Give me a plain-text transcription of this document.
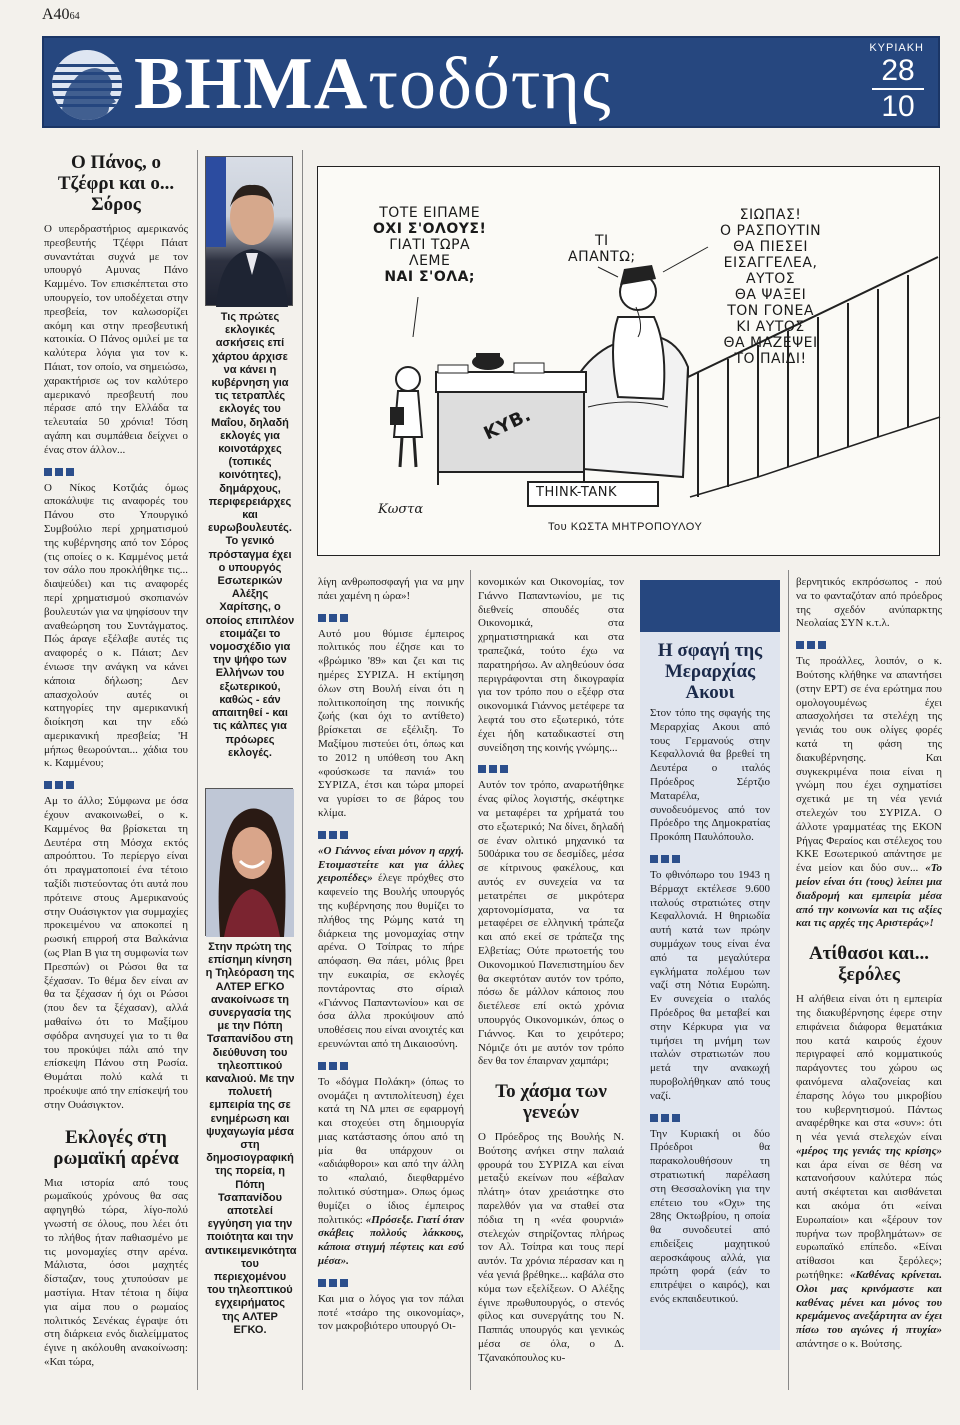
A4064
ΒΗΜΑτοδότης	ΚΥΡΙΑΚΗ
28
10
Ο Πάνος, ο Τζέφρι και ο... Σόρος

Ο υπερδραστήριος αμερικανός πρεσβευτής Τζέφρι Πάιατ συναντάται συχνά με τον υπουργό Αμυνας Πάνο Καμμένο. Τον επισκέπτεται στο υπουργείο, τον υποδέχεται στην πρεσβεία, τον καλωσορίζει ακόμη και στην πρεσβευτική κατοικία. Ο Πάνος ομιλεί με τα καλύτερα λόγια για τον κ. Πάιατ, τον οποίο, να σημειώσω, χαρακτήρισε ως τον καλύτερο αμερικανό πρεσβευτή που πέρασε από την Ελλάδα τα τελευταία 50 χρόνια! Τόση αγάπη και συμπάθεια δείχνει ο ένας στον άλλον...

Ο Νίκος Κοτζιάς όμως αποκάλυψε τις αναφορές του Πάνου στο Υπουργικό Συμβούλιο περί χρηματισμού της κυβέρνησης από τον Σόρος (τις οποίες ο κ. Καμμένος μετά τον σάλο που προκλήθηκε τις... διαψεύδει) και τις αναφορές περί χρηματισμού σκοπιανών βουλευτών για να ψηφίσουν την αναθεώρηση του Συντάγματος. Πώς άραγε εξέλαβε αυτές τις αναφορές ο κ. Πάιατ; Δεν ένιωσε την ανάγκη να κάνει κάποια δήλωση; Δεν απασχολούν αυτές οι κατηγορίες την αμερικανική διοίκηση και την εδώ αμερικανική πρεσβεία; 'Η μήπως θεωρούνται... χάδια του κ. Καμμένου;

Αμ το άλλο; Σύμφωνα με όσα έχουν ανακοινωθεί, ο κ. Καμμένος θα βρίσκεται τη Δευτέρα στη Μόσχα εκτός απροόπτου. Το περίεργο είναι ότι πραγματοποιεί ένα τέτοιο ταξίδι πιστεύοντας ότι αυτά που πρότεινε στους Αμερικανούς στην Ουάσιγκτον για συμμαχίες προκειμένου να αποκοπεί η ρωσική επιρροή στα Βαλκάνια (ως Plan B για τη συμφωνία των Πρεσπών) οι Ρώσοι θα τα ξέχασαν. Το θέμα δεν είναι αν θα τα ξέχασαν ή όχι οι Ρώσοι (που δεν τα ξέχασαν), αλλά μαθαίνω ότι το Μαξίμου σφόδρα ανησυχεί για το τι θα του προκύψει πάλι από την επίσκεψη Πάνου στη Ρωσία. Θυμάται πολύ καλά τι προέκυψε από την επίσκεψή του στην Ουάσιγκτον.

Εκλογές στη ρωμαϊκή αρένα

Μια ιστορία από τους ρωμαϊκούς χρόνους θα σας αφηγηθώ τώρα, λίγο-πολύ γνωστή σε όλους, που λέει ότι το πλήθος ήταν παθιασμένο με τις μονομαχίες στην αρένα. Μάλιστα, όσοι μαχητές δίσταζαν, τους χτυπούσαν με μαστίγια. Ηταν τέτοια η δίψα για αίμα που ο ρωμαίος πολιτικός Σενέκας έγραψε ότι στη διάρκεια ενός διαλείμματος έγινε η ακόλουθη ανακοίνωση: «Και τώρα,

Τις πρώτες εκλογικές ασκήσεις επί χάρτου άρχισε να κάνει η κυβέρνηση για τις τετραπλές εκλογές του Μαΐου, δηλαδή εκλογές για κοινοτάρχες (τοπικές κοινότητες), δημάρχους, περιφερειάρχες και ευρωβουλευτές. Το γενικό πρόσταγμα έχει ο υπουργός Εσωτερικών Αλέξης Χαρίτσης, ο οποίος επιπλέον ετοιμάζει το νομοσχέδιο για την ψήφο των Ελλήνων του εξωτερικού, καθώς - εάν απαιτηθεί - και τις κάλπες για πρόωρες εκλογές.
Στην πρώτη της επίσημη κίνηση η Τηλεόραση της ΑΛΤΕΡ ΕΓΚΟ ανακοίνωσε τη συνεργασία της με την Πόπη Τσαπανίδου στη διεύθυνση του τηλεοπτικού καναλιού. Με την πολυετή εμπειρία της σε ενημέρωση και ψυχαγωγία μέσα στη δημοσιογραφική της πορεία, η Πόπη Τσαπανίδου αποτελεί εγγύηση για την ποιότητα και την αντικειμενικότητα του περιεχομένου του τηλεοπτικού εγχειρήματος της ΑΛΤΕΡ ΕΓΚΟ.
ΤΟΤΕ ΕΙΠΑΜΕ
ΟΧΙ Σ'ΟΛΟΥΣ!
ΓΙΑΤΙ ΤΩΡΑ
ΛΕΜΕ
ΝΑΙ Σ'ΟΛΑ;
ΤΙ
ΑΠΑΝΤΩ;
ΣΙΩΠΑΣ!
Ο ΡΑΣΠΟΥΤΙΝ
ΘΑ ΠΙΕΣΕΙ
ΕΙΣΑΓΓΕΛΕΑ,
ΑΥΤΟΣ
ΘΑ ΨΑΞΕΙ
ΤΟΝ ΓΟΝΕΑ
ΚΙ ΑΥΤΟΣ
ΘΑ ΜΑΖΕΨΕΙ
ΤΟ ΠΑΙΔΙ!
ΚΥΒ.
THINK-TANK
Κωστα
Του ΚΩΣΤΑ ΜΗΤΡΟΠΟΥΛΟΥ

λίγη ανθρωποσφαγή για να μην πάει χαμένη η ώρα»!

Αυτό μου θύμισε έμπειρος πολιτικός που έζησε και το «βρώμικο '89» και ζει και τις ημέρες ΣΥΡΙΖΑ. Η εκτίμηση όλων στη Βουλή είναι ότι η πολιτικοποίηση της ποινικής ζωής (και όχι το αντίθετο) βρίσκεται σε εξέλιξη. Το Μαξίμου πιστεύει ότι, όπως και το 2012 η υπόθεση του Ακη «φούσκωσε τα πανιά» του ΣΥΡΙΖΑ, έτσι και τώρα μπορεί να γυρίσει το σε βάρος του κλίμα.

«Ο Γιάννος είναι μόνον η αρχή. Ετοιμαστείτε και για άλλες χειροπέδες» έλεγε πρόχθες στο καφενείο της Βουλής υπουργός της κυβέρνησης που θυμίζει το πλήθος της Ρώμης κατά τη διάρκεια της μονομαχίας στην αρένα. Ο Τσίπρας το πήρε απόφαση. Θα πάει, μόλις βρει την ευκαιρία, σε εκλογές ποντάροντας στο σίριαλ «Γιάννος Παπαντωνίου» και σε όσα άλλα προκύψουν από υποθέσεις που είναι ανοιχτές και ερευνώνται από τη Δικαιοσύνη.

Το «δόγμα Πολάκη» (όπως το ονομάζει η αντιπολίτευση) έχει κατά τη ΝΔ μπει σε εφαρμογή και στοχεύει στη δημιουργία μιας κατάστασης όπου από τη μία θα υπάρχουν οι «αδιάφθοροι» και από την άλλη το «παλαιό, διεφθαρμένο πολιτικό σύστημα». Οπως όμως θυμίζει ο ίδιος έμπειρος πολιτικός: «Πρόσεξε. Γιατί όταν σκάβεις πολλούς λάκκους, κάποια στιγμή πέφτεις και εσύ μέσα».

Και μια ο λόγος για τον πάλαι ποτέ «τσάρο της οικονομίας», τον μακροβιότερο υπουργό Οι-

κονομικών και Οικονομίας, τον Γιάννο Παπαντωνίου, με τις διεθνείς σπουδές στα Οικονομικά, στα χρηματιστηριακά και στα τραπεζικά, τούτο έχω να παρατηρήσω. Αν αληθεύουν όσα περιγράφονται στη δικογραφία για τον τρόπο που ο εξέφρ στα οικονομικά Γιάννος μετέφερε τα λεφτά του στο εξωτερικό, τότε έχει ήδη καταδικαστεί στη συνείδηση της κοινής γνώμης...

Αυτόν τον τρόπο, αναρωτήθηκε ένας φίλος λογιστής, σκέφτηκε να μεταφέρει τα χρήματά του στο εξωτερικό; Να δίνει, δηλαδή σε έναν ολιτικό μηχανικό τα 500άρικα του σε δεσμίδες, μέσα σε κίτρινους φακέλους, και αυτός εν συνεχεία να τα μετατρέπει σε μικρότερα χαρτονομίσματα, να τα μεταφέρει σε ελληνική τράπεζα και από εκεί σε τράπεζα της Ελβετίας; Ούτε πρωτοετής του Οικονομικού Πανεπιστημίου δεν θα σκεφτόταν αυτόν τον τρόπο, πόσω δε μάλλον κάποιος που διετέλεσε επί οκτώ χρόνια υπουργός Οικονομικών, όπως ο Γιάννος. Και το χειρότερο; Νόμιζε ότι με αυτόν τον τρόπο δεν θα τον έπαιρναν χαμπάρι;

Το χάσμα των γενεών

Ο Πρόεδρος της Βουλής Ν. Βούτσης ανήκει στην παλαιά φρουρά του ΣΥΡΙΖΑ και είναι μεταξύ εκείνων που «έβαλαν πλάτη» όταν χρειάστηκε στο παρελθόν για να σταθεί στα πόδια τη η «νέα φουρνιά» στελεχών στηρίζοντας πλήρως τον Αλ. Τσίπρα και τους περί αυτόν. Τα χρόνια πέρασαν και η νέα γενιά βρέθηκε... καβάλα στο κύμα των εξελίξεων. Ο Αλέξης έγινε πρωθυπουργός, ο στενός φίλος και συνεργάτης του Ν. Παππάς υπουργός και γενικώς μέσα σε όλα, ο Δ. Τζανακόπουλος κυ-

Η σφαγή της Μεραρχίας Ακουι

Στον τόπο της σφαγής της Μεραρχίας Ακουι από τους Γερμανούς στην Κεφαλλονιά θα βρεθεί τη Δευτέρα ο ιταλός Πρόεδρος Σέρτζιο Ματαρέλα, συνοδευόμενος από τον Πρόεδρο της Δημοκρατίας Προκόπη Παυλόπουλο.

Το φθινόπωρο του 1943 η Βέρμαχτ εκτέλεσε 9.600 ιταλούς στρατιώτες στην Κεφαλλονιά. Η θηριωδία αυτή κατά των πρώην συμμάχων τους είναι ένα από τα μεγαλύτερα εγκλήματα πολέμου των ναζί στη Νότια Ευρώπη. Εν συνεχεία ο ιταλός Πρόεδρος θα μεταβεί και στην Κέρκυρα για να τιμήσει τη μνήμη των ιταλών στρατιωτών που μετά την ανακωχή πυροβολήθηκαν από τους ναζί.

Την Κυριακή οι δύο Πρόεδροι θα παρακολουθήσουν τη στρατιωτική παρέλαση στη Θεσσαλονίκη για την επέτειο του «Οχι» της 28ης Οκτωβρίου, η οποία θα συνοδευτεί από επιδείξεις μαχητικού αεροσκάφους αλλά, για πρώτη φορά (εάν το επιτρέψει ο καιρός), και ενός εκπαιδευτικού.

βερνητικός εκπρόσωπος - πού να το φανταζόταν από πρόεδρος της σχεδόν ανύπαρκτης Νεολαίας ΣΥΝ κ.τ.λ.

Τις προάλλες, λοιπόν, ο κ. Βούτσης κλήθηκε να απαντήσει (στην ΕΡΤ) σε ένα ερώτημα που ομολογουμένως έχει απασχολήσει τα στελέχη της γενιάς του ουκ ολίγες φορές κατά τη φάση της διακυβέρνησης. Και συγκεκριμένα ποια είναι η γνώμη που έχει σχηματίσει σχετικά με τη νέα γενιά στελεχών του ΣΥΡΙΖΑ. Ο άλλοτε γραμματέας της ΕΚΟΝ Ρήγας Φεραίος και στέλεχος του ΚΚΕ Εσωτερικού απάντησε με ένα μείον και δύο συν... «Το μείον είναι ότι (τους) λείπει μια διαδρομή και εμπειρία μέσα από την κοινωνία και τις αξίες και τις αρχές της Αριστεράς»!

Ατίθασοι και... ξερόλες

Η αλήθεια είναι ότι η εμπειρία της διακυβέρνησης έφερε στην επιφάνεια διάφορα θεματάκια που κατά καιρούς έχουν περιγραφεί από κομματικούς παράγοντες του χώρου ως φαινόμενα αλαζονείας και έπαρσης λόγω του μικροβίου του κυβερνητισμού. Πάντως αναφέρθηκε και στα «συν»: ότι η νέα γενιά στελεχών είναι «μέρος της γενιάς της κρίσης» και άρα είναι σε θέση να κατανοήσουν καλύτερα πώς αυτή σκέφτεται και αισθάνεται και ακόμα ότι «είναι Ευρωπαίοι» και «ξέρουν τον πυρήνα των προβλημάτων» σε ευρωπαϊκό επίπεδο. «Είναι ατίθασοι και ξερόλες»; ρωτήθηκε: «Καθένας κρίνεται. Ολοι μας κρινόμαστε και καθένας μένει και μόνος του κρεμάμενος ανεξάρτητα αν έχει πίσω του αγώνες ή πτυχία» απάντησε ο κ. Βούτσης.
